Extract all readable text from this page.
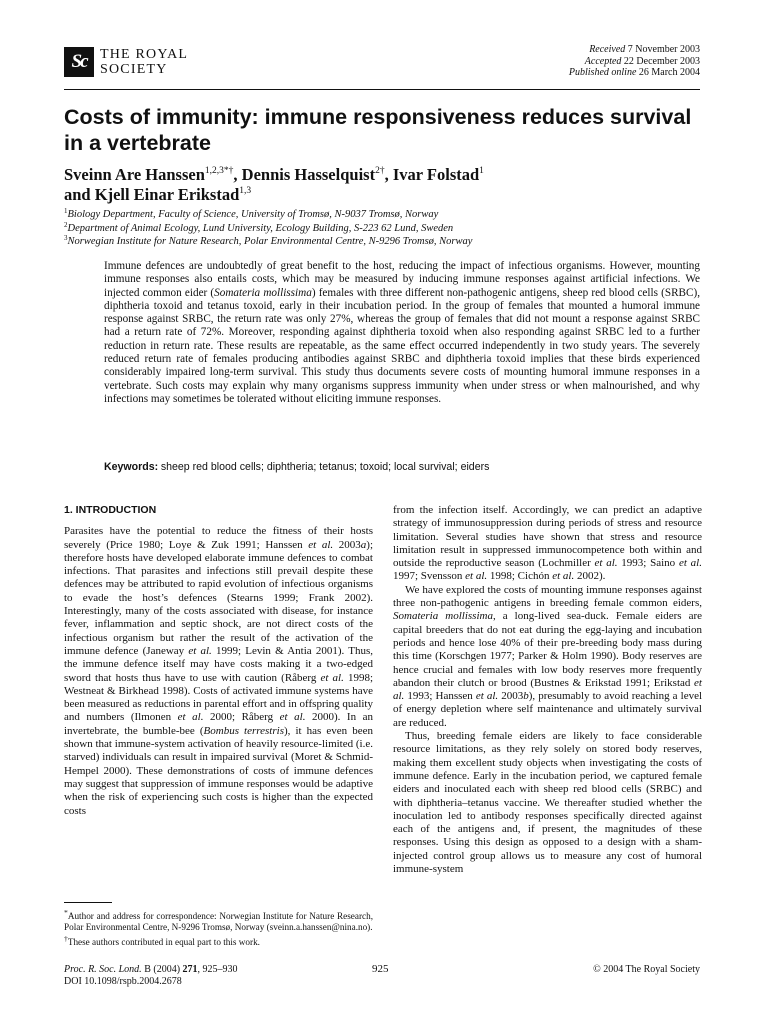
Sc THE ROYAL
SOCIETY
Received 7 November 2003
Accepted 22 December 2003
Published online 26 March 2004
Costs of immunity: immune responsiveness reduces survival in a vertebrate
Sveinn Are Hanssen$^{1,2,3*\dagger}$, Dennis Hasselquist$^{2\dagger}$, Ivar Folstad$^1$
and Kjell Einar Erikstad$^{1,3}$
$^1$Biology Department, Faculty of Science, University of Tromsø, N-9037 Tromsø, Norway
$^2$Department of Animal Ecology, Lund University, Ecology Building, S-223 62 Lund, Sweden
$^3$Norwegian Institute for Nature Research, Polar Environmental Centre, N-9296 Tromsø, Norway
Immune defences are undoubtedly of great benefit to the host, reducing the impact of infectious organisms. However, mounting immune responses also entails costs, which may be measured by inducing immune responses against artificial infections. We injected common eider (Somateria mollissima) females with three different non-pathogenic antigens, sheep red blood cells (SRBC), diphtheria toxoid and tetanus toxoid, early in their incubation period. In the group of females that mounted a humoral immune response against SRBC, the return rate was only 27%, whereas the group of females that did not mount a response against SRBC had a return rate of 72%. Moreover, responding against diphtheria toxoid when also responding against SRBC led to a further reduction in return rate. These results are repeatable, as the same effect occurred independently in two study years. The severely reduced return rate of females producing antibodies against SRBC and diphtheria toxoid implies that these birds experienced considerably impaired long-term survival. This study thus documents severe costs of mounting humoral immune responses in a vertebrate. Such costs may explain why many organisms suppress immunity when under stress or when malnourished, and why infections may sometimes be tolerated without eliciting immune responses.
Keywords: sheep red blood cells; diphtheria; tetanus; toxoid; local survival; eiders
1. INTRODUCTION

Parasites have the potential to reduce the fitness of their hosts severely (Price 1980; Loye & Zuk 1991; Hanssen et al. 2003a); therefore hosts have developed elaborate immune defences to combat infections. That parasites and infections still prevail despite these defences may be attributed to rapid evolution of infectious organisms to evade the host’s defences (Stearns 1999; Frank 2002). Interestingly, many of the costs associated with disease, for instance fever, inflammation and septic shock, are not direct costs of the infectious organism but rather the result of the activation of the immune defence (Janeway et al. 1999; Levin & Antia 2001). Thus, the immune defence itself may have costs making it a two-edged sword that hosts thus have to use with caution (Råberg et al. 1998; Westneat & Birkhead 1998). Costs of activated immune systems have been measured as reductions in parental effort and in offspring quality and numbers (Ilmonen et al. 2000; Råberg et al. 2000). In an invertebrate, the bumble-bee (Bombus terrestris), it has even been shown that immune-system activation of heavily resource-limited (i.e. starved) individuals can result in impaired survival (Moret & Schmid-Hempel 2000). These demonstrations of costs of immune defences may suggest that suppression of immune responses would be adaptive when the risk of experiencing such costs is higher than the expected costs

from the infection itself. Accordingly, we can predict an adaptive strategy of immunosuppression during periods of stress and resource limitation. Several studies have shown that stress and resource limitation result in suppressed immunocompetence both within and outside the reproductive season (Lochmiller et al. 1993; Saino et al. 1997; Svensson et al. 1998; Cichón et al. 2002).

We have explored the costs of mounting immune responses against three non-pathogenic antigens in breeding female common eiders, Somateria mollissima, a long-lived sea-duck. Female eiders are capital breeders that do not eat during the egg-laying and incubation periods and hence lose 40% of their pre-breeding body mass during this time (Korschgen 1977; Parker & Holm 1990). Body reserves are hence crucial and females with low body reserves more frequently abandon their clutch or brood (Bustnes & Erikstad 1991; Erikstad et al. 1993; Hanssen et al. 2003b), presumably to avoid reaching a level of energy depletion where self maintenance and ultimately survival are reduced.

Thus, breeding female eiders are likely to face considerable resource limitations, as they rely solely on stored body reserves, making them excellent study objects when investigating the costs of immune defence. Early in the incubation period, we captured female eiders and inoculated each with sheep red blood cells (SRBC) and with diphtheria–tetanus vaccine. We thereafter studied whether the inoculation led to antibody responses specifically directed against each of the antigens and, if present, the magnitudes of these responses. Using this design as opposed to a design with a sham-injected control group allows us to measure any cost of humoral immune-system

*Author and address for correspondence: Norwegian Institute for Nature Research, Polar Environmental Centre, N-9296 Tromsø, Norway (sveinn.a.hanssen@nina.no).

†These authors contributed in equal part to this work.

Proc. R. Soc. Lond. B (2004) 271, 925–930
DOI 10.1098/rspb.2004.2678
925	© 2004 The Royal Society
